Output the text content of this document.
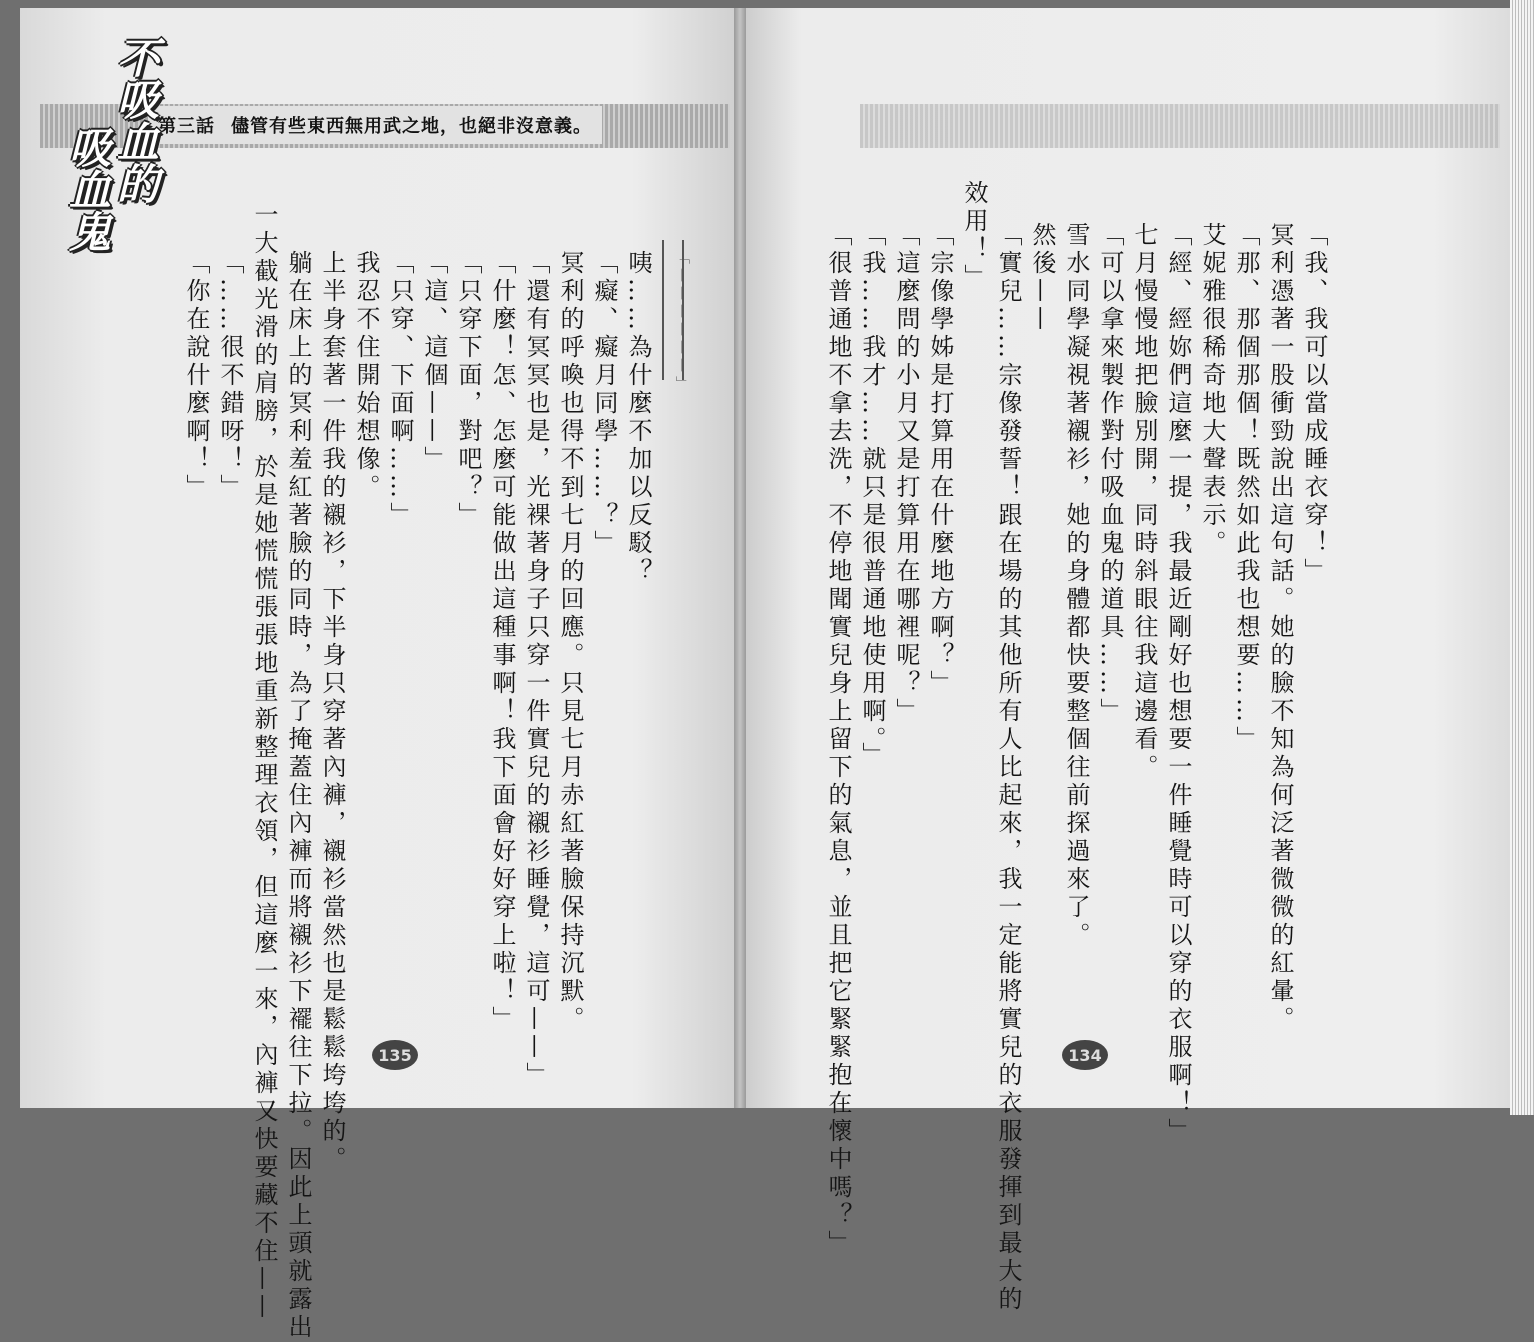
第三話 儘管有些東西無用武之地，也絕非沒意義。
不吸血的
吸血鬼
「我、我可以當成睡衣穿！」
冥利憑著一股衝勁說出這句話。她的臉不知為何泛著微微的紅暈。
「那、那個那個！既然如此我也想要……」
艾妮雅很稀奇地大聲表示。
「經、經妳們這麼一提，我最近剛好也想要一件睡覺時可以穿的衣服啊！」
七月慢慢地把臉別開，同時斜眼往我這邊看。
「可以拿來製作對付吸血鬼的道具……」
雪水同學凝視著襯衫，她的身體都快要整個往前探過來了。
然後——
「實兒……宗像發誓！跟在場的其他所有人比起來，我一定能將實兒的衣服發揮到最大的
效用！」
「宗像學姊是打算用在什麼地方啊？」
「這麼問的小月又是打算用在哪裡呢？」
「我……我才……就只是很普通地使用啊。」
「很普通地不拿去洗，不停地聞實兒身上留下的氣息，並且把它緊緊抱在懷中嗎？」	134
咦……為什麼不加以反駁？
「癡、癡月同學……？」
冥利的呼喚也得不到七月的回應。只見七月赤紅著臉保持沉默。
「還有冥冥也是，光裸著身子只穿一件實兒的襯衫睡覺，這可——」
「什麼！怎、怎麼可能做出這種事啊！我下面會好好穿上啦！」
「只穿下面，對吧？」
「這、這個——」
「只穿、下面啊……」
我忍不住開始想像。
上半身套著一件我的襯衫，下半身只穿著內褲，襯衫當然也是鬆鬆垮垮的。
躺在床上的冥利羞紅著臉的同時，為了掩蓋住內褲而將襯衫下襬往下拉。因此上頭就露出
一大截光滑的肩膀，於是她慌慌張張地重新整理衣領，但這麼一來，內褲又快要藏不住——
「……很不錯呀！」
「你在說什麼啊！」	「——————」
135
